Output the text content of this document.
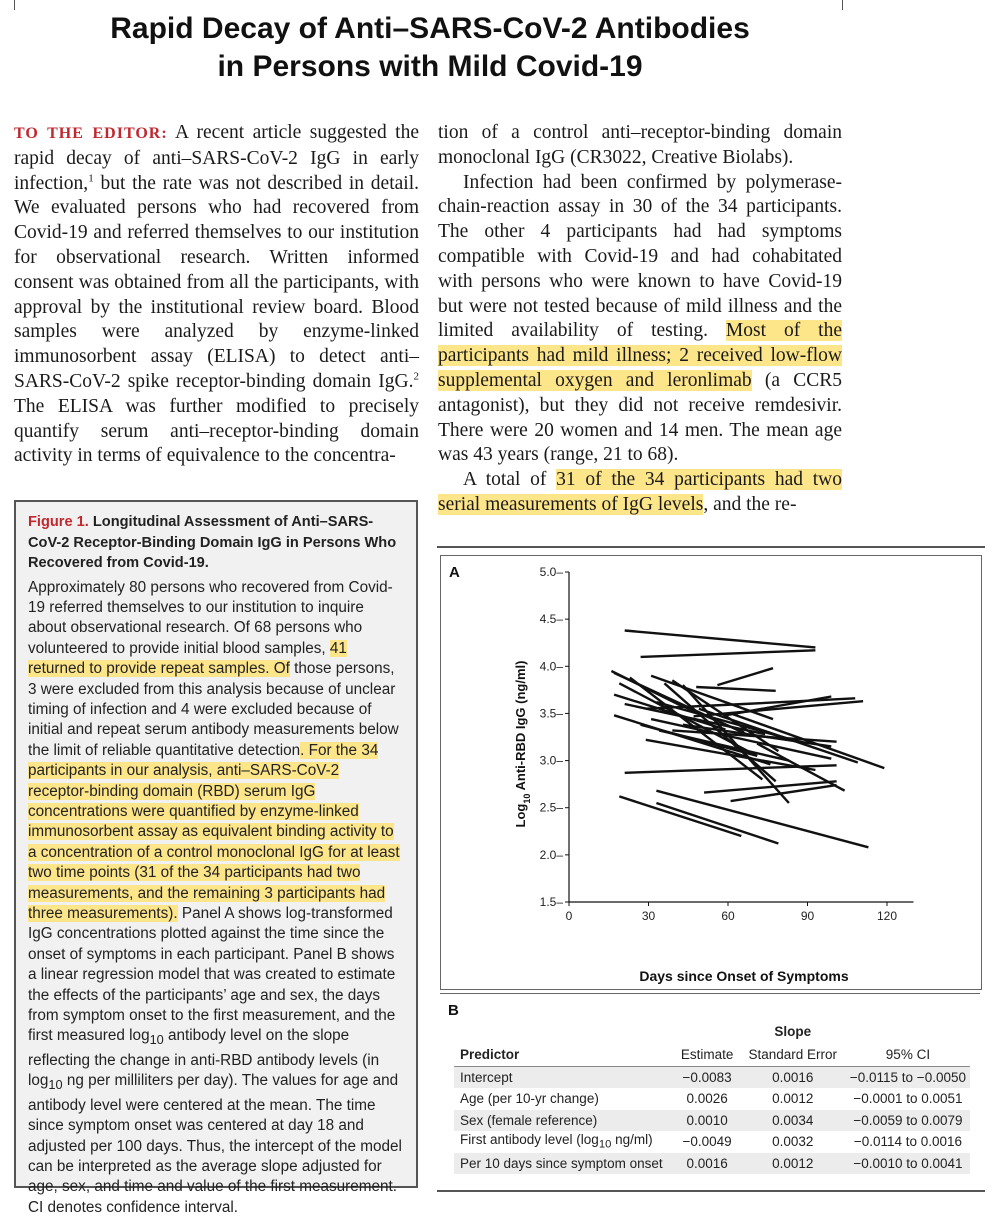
Rapid Decay of Anti–SARS-CoV-2 Antibodies
in Persons with Mild Covid-19

TO THE EDITOR: A recent article suggested the rapid decay of anti–SARS-CoV-2 IgG in early infection,$^1$ but the rate was not described in detail. We evaluated persons who had recovered from Covid-19 and referred themselves to our institution for observational research. Written informed consent was obtained from all the participants, with approval by the institutional review board. Blood samples were analyzed by enzyme-linked immunosorbent assay (ELISA) to detect anti–SARS-CoV-2 spike receptor-binding domain IgG.$^2$ The ELISA was further modified to precisely quantify serum anti–receptor-binding domain activity in terms of equivalence to the concentra-

tion of a control anti–receptor-binding domain monoclonal IgG (CR3022, Creative Biolabs).

Infection had been confirmed by polymerase-chain-reaction assay in 30 of the 34 participants. The other 4 participants had had symptoms compatible with Covid-19 and had cohabitated with persons who were known to have Covid-19 but were not tested because of mild illness and the limited availability of testing. Most of the participants had mild illness; 2 received low-flow supplemental oxygen and leronlimab (a CCR5 antagonist), but they did not receive remdesivir. There were 20 women and 14 men. The mean age was 43 years (range, 21 to 68).

A total of 31 of the 34 participants had two serial measurements of IgG levels, and the re-

Figure 1. Longitudinal Assessment of Anti–SARS-CoV-2 Receptor-Binding Domain IgG in Persons Who Recovered from Covid-19.

Approximately 80 persons who recovered from Covid-19 referred themselves to our institution to inquire about observational research. Of 68 persons who volunteered to provide initial blood samples, 41 returned to provide repeat samples. Of those persons, 3 were excluded from this analysis because of unclear timing of infection and 4 were excluded because of initial and repeat serum antibody measurements below the limit of reliable quantitative detection. For the 34 participants in our analysis, anti–SARS-CoV-2 receptor-binding domain (RBD) serum IgG concentrations were quantified by enzyme-linked immunosorbent assay as equivalent binding activity to a concentration of a control monoclonal IgG for at least two time points (31 of the 34 participants had two measurements, and the remaining 3 participants had three measurements). Panel A shows log-transformed IgG concentrations plotted against the time since the onset of symptoms in each participant. Panel B shows a linear regression model that was created to estimate the effects of the participants’ age and sex, the days from symptom onset to the first measurement, and the first measured $\log_{10}$ antibody level on the slope reflecting the change in anti-RBD antibody levels (in $\log_{10}$ ng per milliliters per day). The values for age and antibody level were centered at the mean. The time since symptom onset was centered at day 18 and adjusted per 100 days. Thus, the intercept of the model can be interpreted as the average slope adjusted for age, sex, and time and value of the first measurement. CI denotes confidence interval.

A
1.5–
2.0–
2.5–
3.0–
3.5–
4.0–
4.5–
5.0–
0	30	60	90	120
Log$_{10}$ Anti-RBD IgG (ng/ml)
Days since Onset of Symptoms
B
		Slope	
Predictor	Estimate	Standard Error	95% CI
Intercept	−0.0083	0.0016	−0.0115 to −0.0050
Age (per 10-yr change)	0.0026	0.0012	−0.0001 to 0.0051
Sex (female reference)	0.0010	0.0034	−0.0059 to 0.0079
First antibody level ($\log_{10}$ ng/ml)	−0.0049	0.0032	−0.0114 to 0.0016
Per 10 days since symptom onset	0.0016	0.0012	−0.0010 to 0.0041
